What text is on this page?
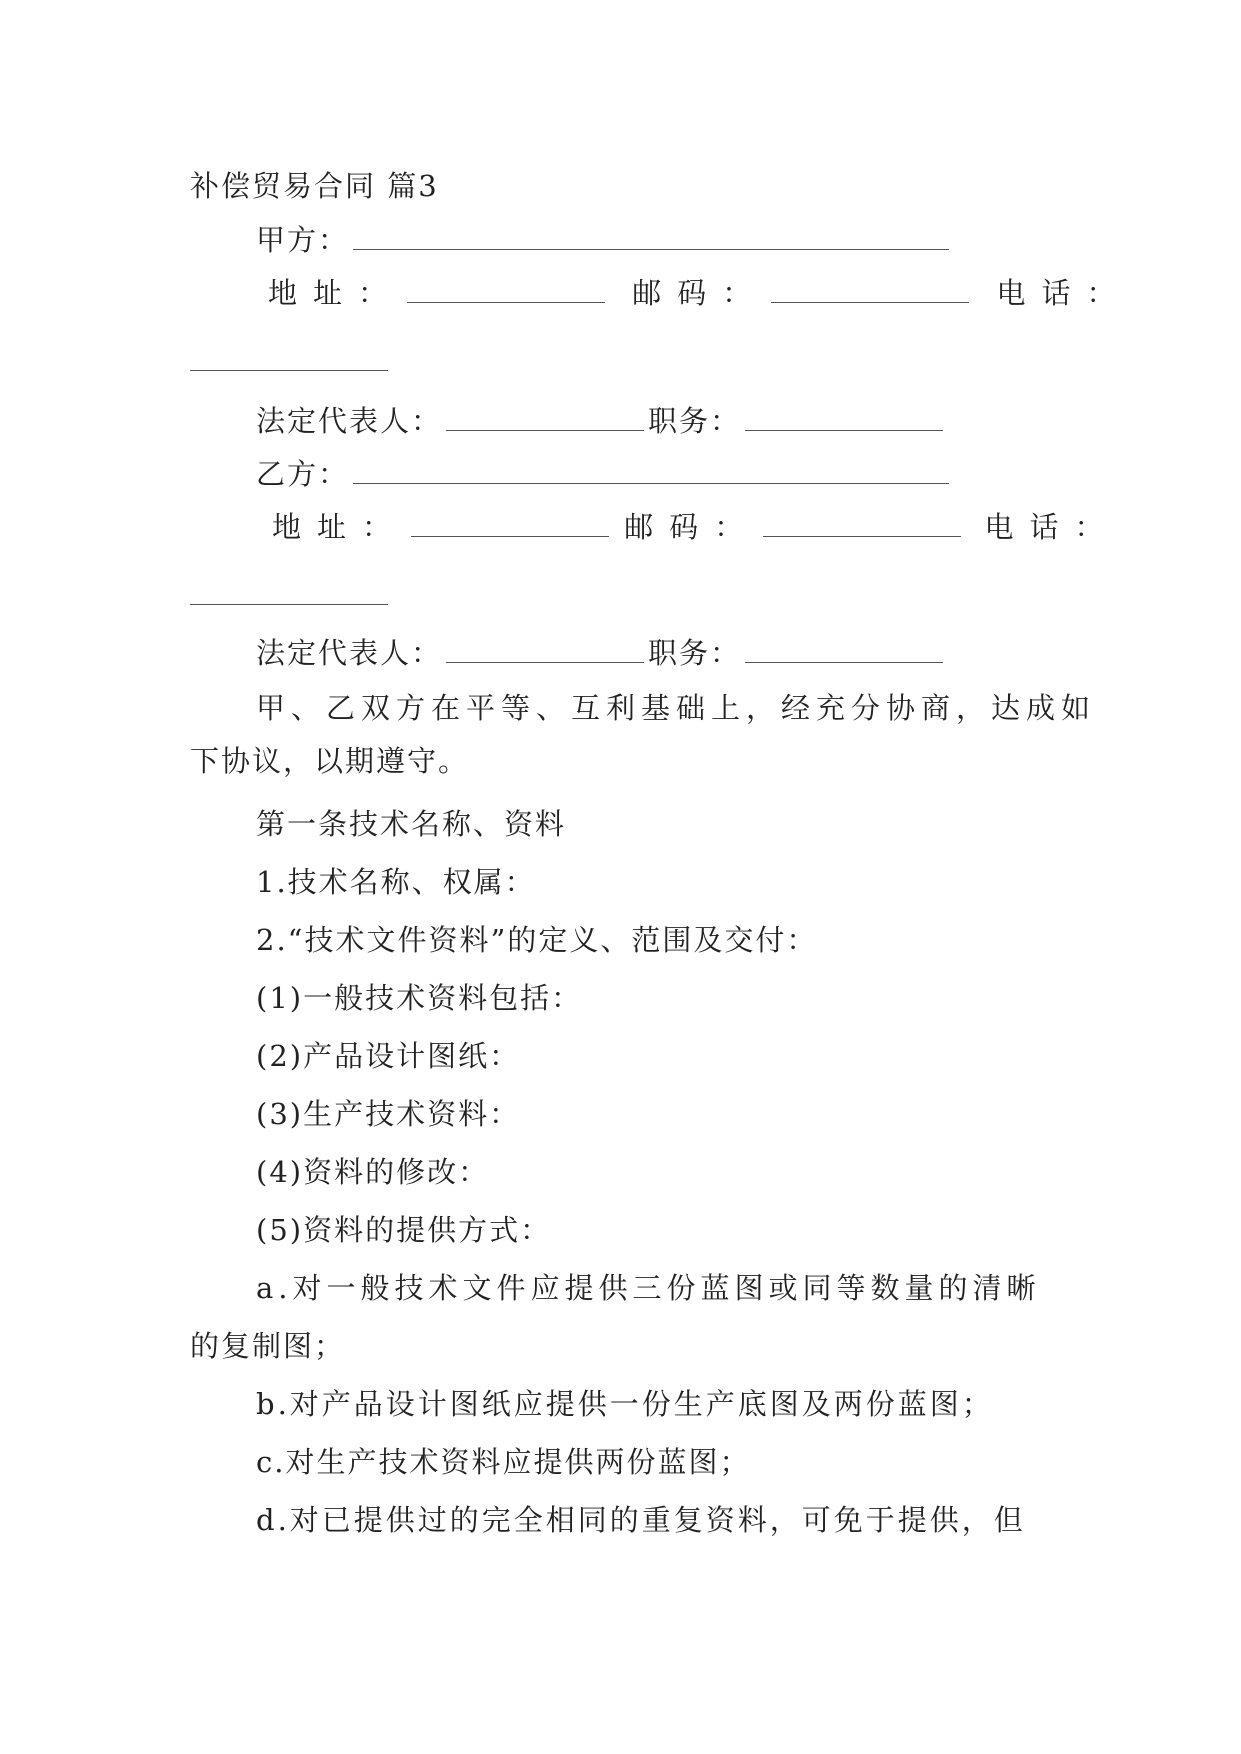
补偿贸易合同 篇3
甲方：
地址：	邮码：	电话：
法定代表人：	职务：
乙方：
地址：	邮码：	电话：
法定代表人：	职务：
甲、乙双方在平等、互利基础上，经充分协商，达成如
下协议，以期遵守。
第一条技术名称、资料
1.技术名称、权属：
2.“技术文件资料”的定义、范围及交付：
(1)一般技术资料包括：
(2)产品设计图纸：
(3)生产技术资料：
(4)资料的修改：
(5)资料的提供方式：
a.对一般技术文件应提供三份蓝图或同等数量的清晰
的复制图；
b.对产品设计图纸应提供一份生产底图及两份蓝图；
c.对生产技术资料应提供两份蓝图；
d.对已提供过的完全相同的重复资料，可免于提供，但
